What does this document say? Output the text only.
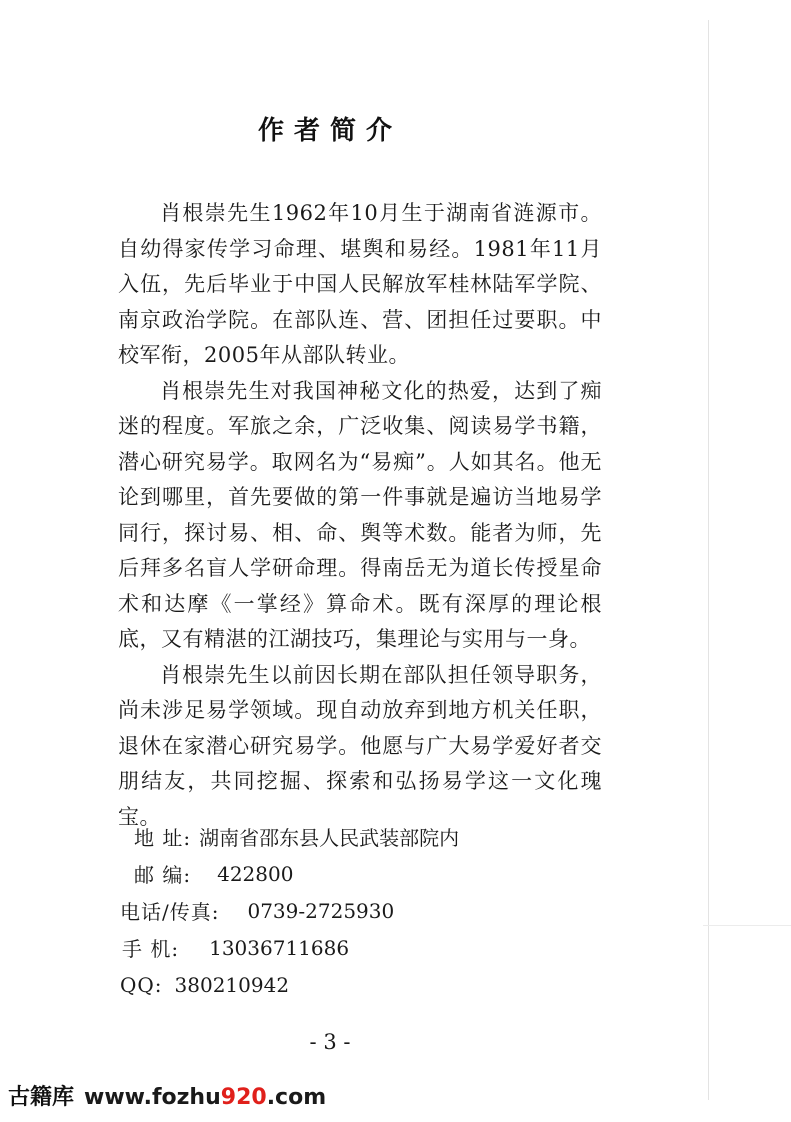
作者简介

肖根崇先生1962年10月生于湖南省涟源市。自幼得家传学习命理、堪舆和易经。1981年11月入伍，先后毕业于中国人民解放军桂林陆军学院、南京政治学院。在部队连、营、团担任过要职。中校军衔，2005年从部队转业。

肖根崇先生对我国神秘文化的热爱，达到了痴迷的程度。军旅之余，广泛收集、阅读易学书籍，潜心研究易学。取网名为“易痴”。人如其名。他无论到哪里，首先要做的第一件事就是遍访当地易学同行，探讨易、相、命、舆等术数。能者为师，先后拜多名盲人学研命理。得南岳无为道长传授星命术和达摩《一掌经》算命术。既有深厚的理论根底，又有精湛的江湖技巧，集理论与实用与一身。

肖根崇先生以前因长期在部队担任领导职务，尚未涉足易学领域。现自动放弃到地方机关任职，退休在家潜心研究易学。他愿与广大易学爱好者交朋结友，共同挖掘、探索和弘扬易学这一文化瑰宝。

地 址: 湖南省邵东县人民武装部院内
邮 编: 422800
电话/传真: 0739-2725930
手 机: 13036711686
QQ: 380210942
- 3 -
古籍库 www.fozhu920.com
